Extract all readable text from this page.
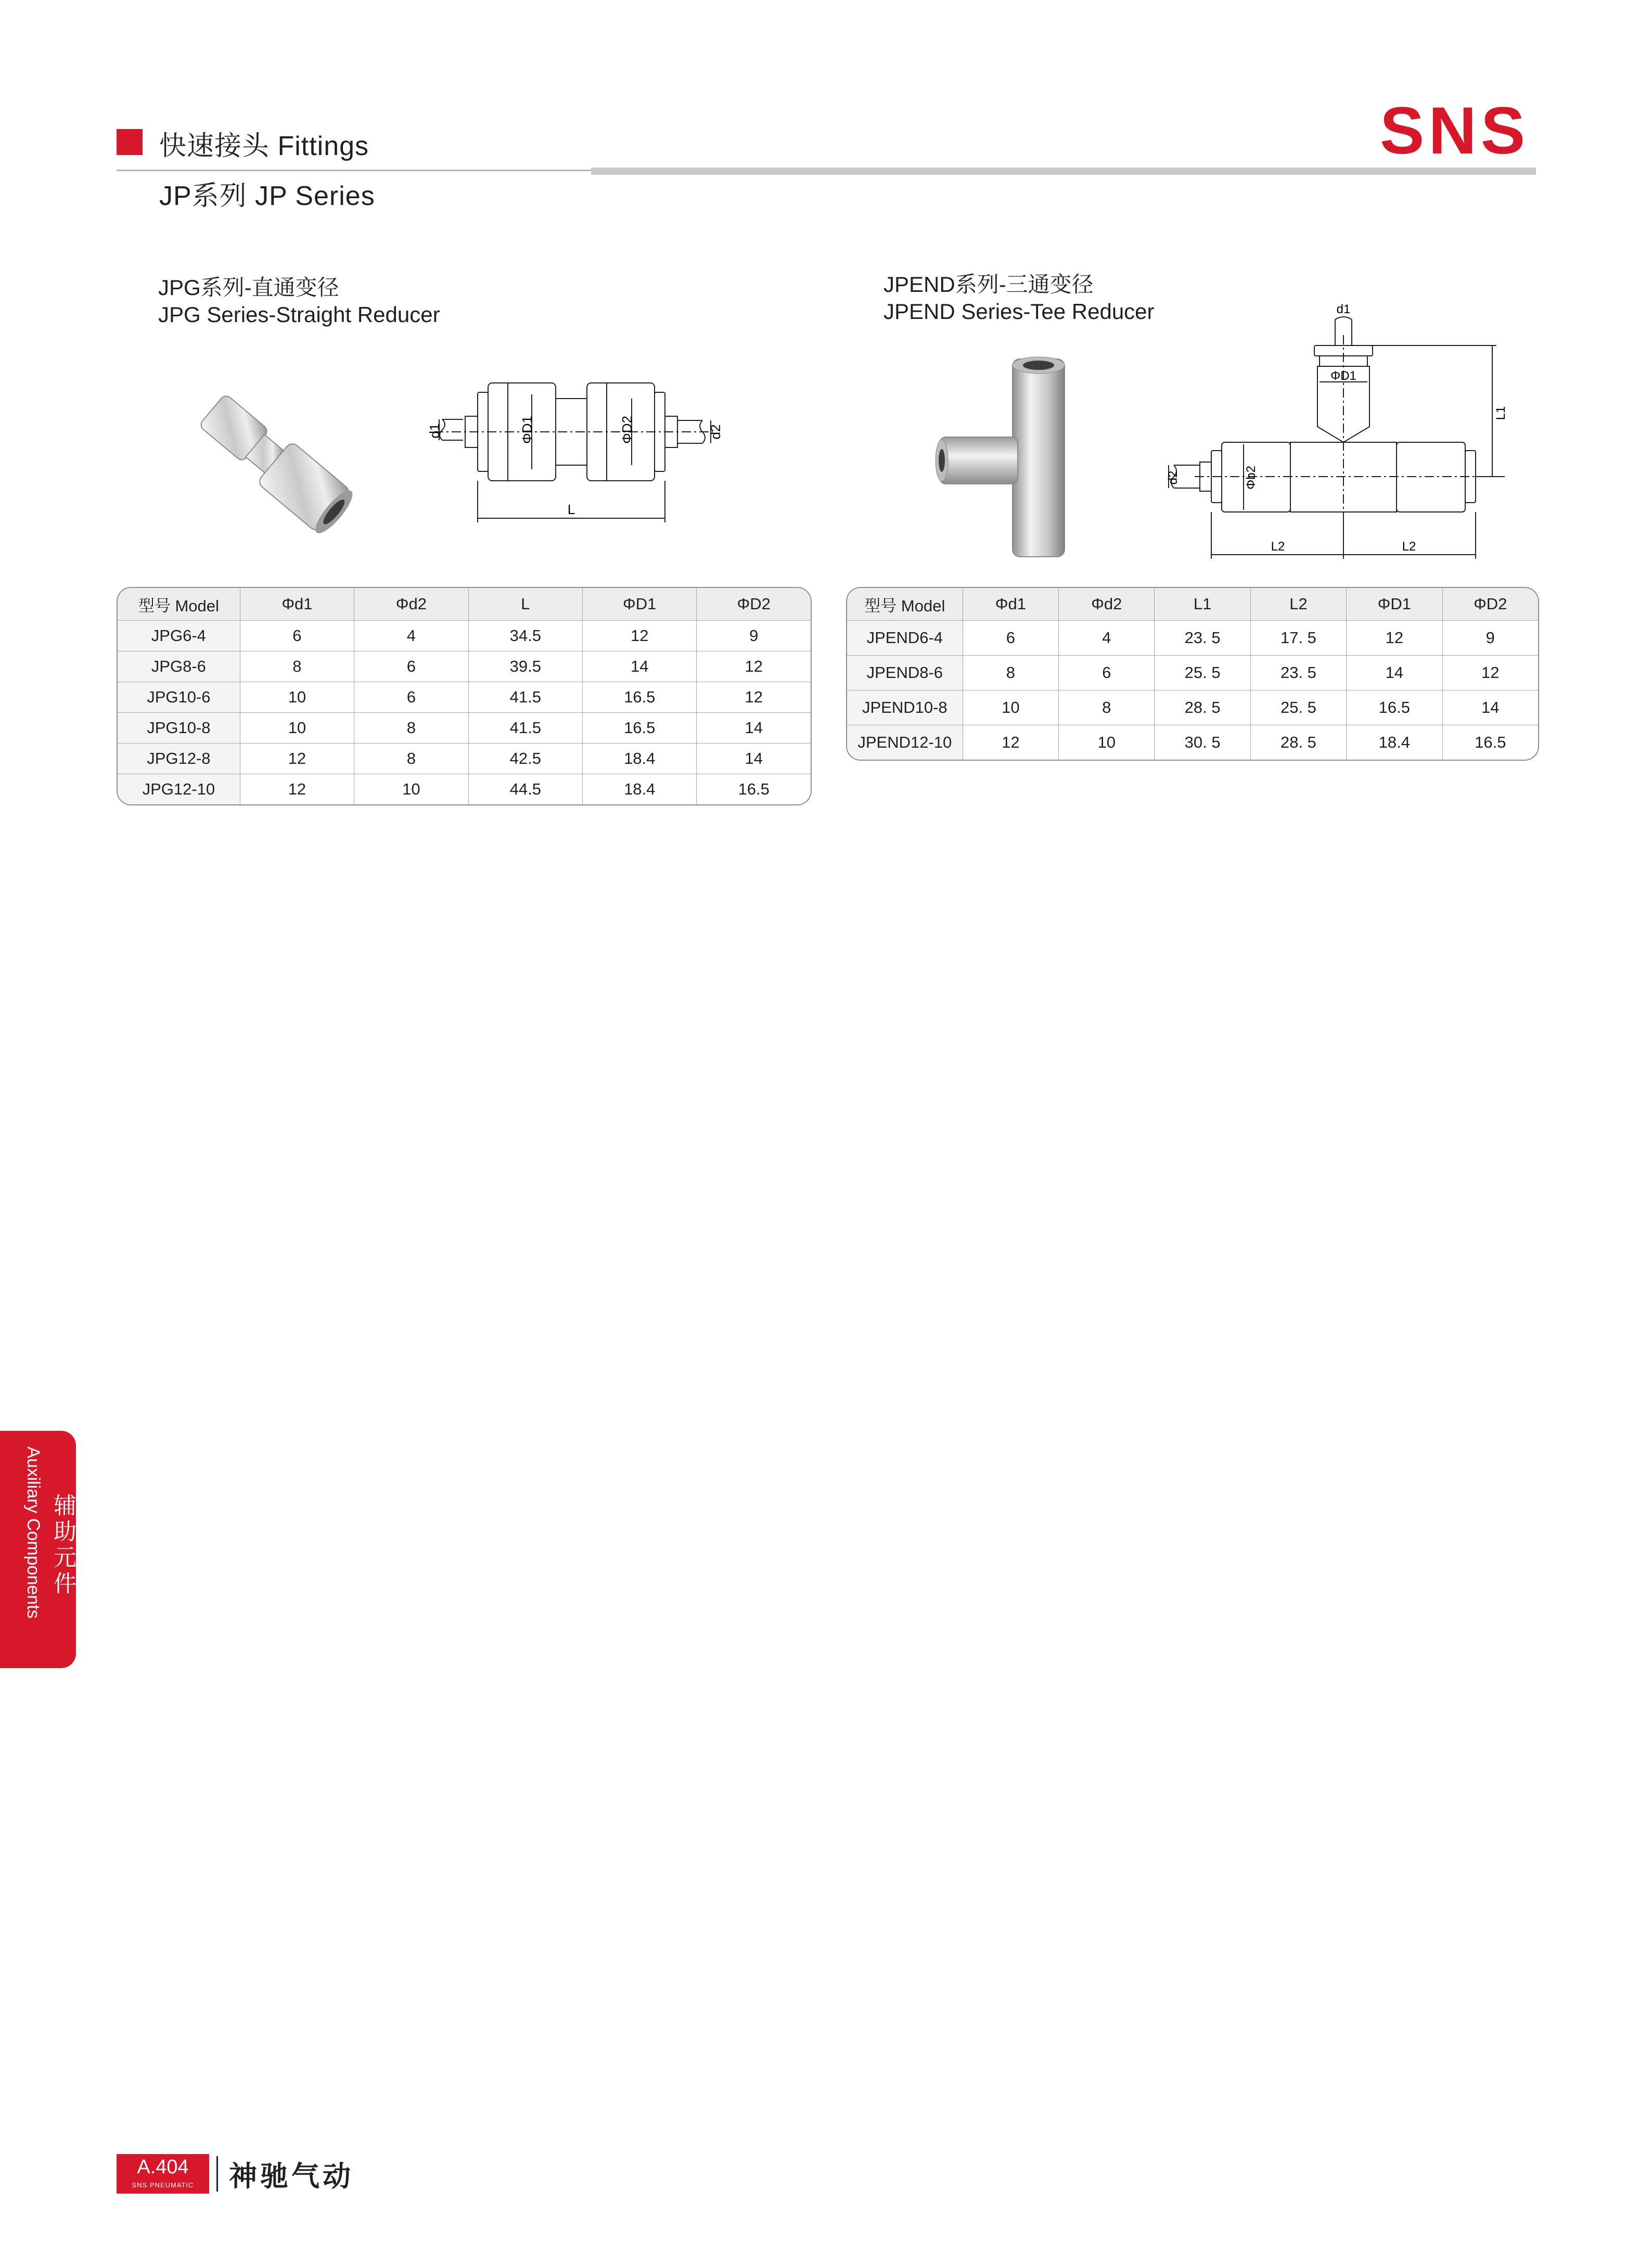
快速接头 Fittings
JP系列 JP Series
SNS
JPG系列-直通变径
JPG Series-Straight Reducer
d1	ΦD1	ΦD2	d2
L
型号 Model	Φd1	Φd2	L	ΦD1	ΦD2
JPG6-4	6	4	34.5	12	9
JPG8-6	8	6	39.5	14	12
JPG10-6	10	6	41.5	16.5	12
JPG10-8	10	8	41.5	16.5	14
JPG12-8	12	8	42.5	18.4	14
JPG12-10	12	10	44.5	18.4	16.5
JPEND系列-三通变径
JPEND Series-Tee Reducer	d1
ΦD1
L1
d2	Φb2
L2	L2
型号 Model	Φd1	Φd2	L1	L2	ΦD1	ΦD2
JPEND6-4	6	4	23. 5	17. 5	12	9
JPEND8-6	8	6	25. 5	23. 5	14	12
JPEND10-8	10	8	28. 5	25. 5	16.5	14
JPEND12-10	12	10	30. 5	28. 5	18.4	16.5
Auxiliary Components 辅助元件
A.404
SNS PNEUMATIC	神驰气动
